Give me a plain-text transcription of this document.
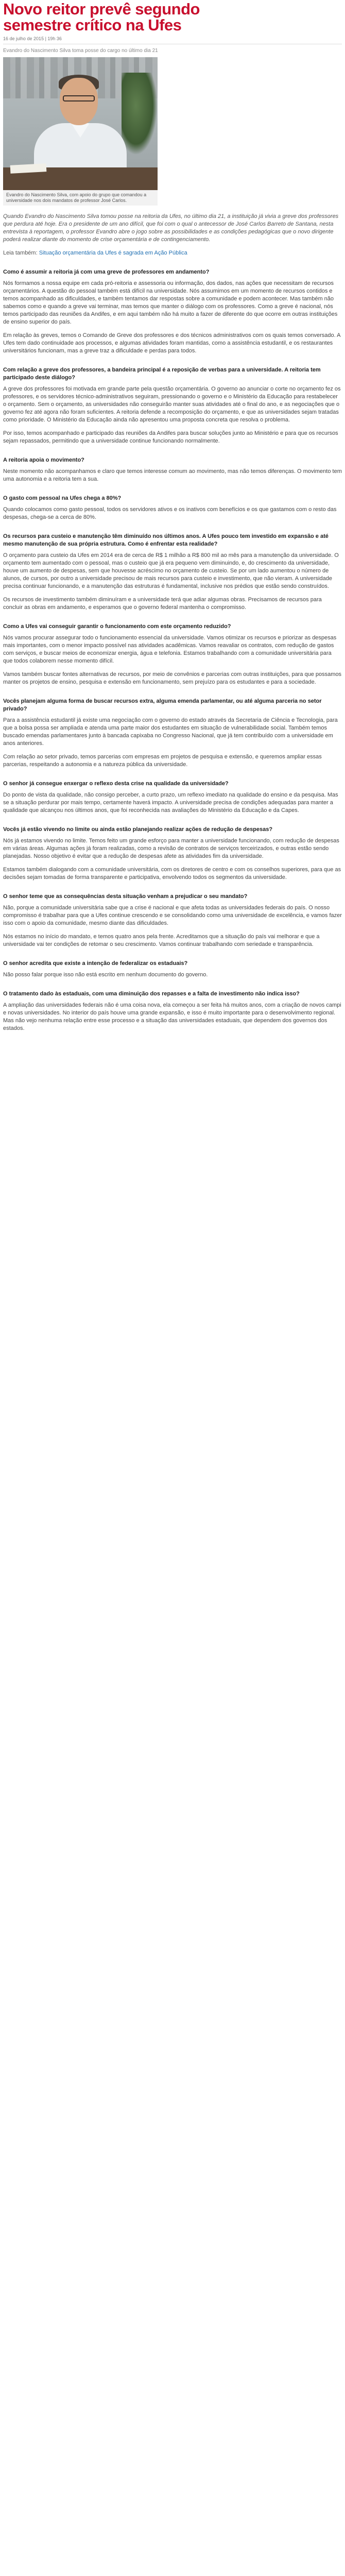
Novo reitor prevê segundo
semestre crítico na Ufes
16 de julho de 2015 | 19h 36
Evandro do Nascimento Silva toma posse do cargo no último dia 21
Evandro do Nascimento Silva, com apoio do grupo que comandou a universidade nos dois mandatos de professor José Carlos.

Quando Evandro do Nascimento Silva tomou posse na reitoria da Ufes, no último dia 21, a instituição já vivia a greve dos professores que perdura até hoje. Era o presidente de um ano difícil, que foi com o qual o antecessor de José Carlos Barreto de Santana, nesta entrevista à reportagem, o professor Evandro abre o jogo sobre as possibilidades e as condições pedagógicas que o novo dirigente poderá realizar diante do momento de crise orçamentária e de contingenciamento.

Leia também: Situação orçamentária da Ufes é sagrada em Ação Pública

Como é assumir a reitoria já com uma greve de professores em andamento?

Nós formamos a nossa equipe em cada pró-reitoria e assessoria ou informação, dos dados, nas ações que necessitam de recursos orçamentários. A questão do pessoal também está difícil na universidade. Nós assumimos em um momento de recursos contidos e temos acompanhado as dificuldades, e também tentamos dar respostas sobre a comunidade e podem acontecer. Mas também não sabemos como e quando a greve vai terminar, mas temos que manter o diálogo com os professores. Como a greve é nacional, nós temos participado das reuniões da Andifes, e em aqui também não há muito a fazer de diferente do que ocorre em outras instituições de ensino superior do país.

Em relação às greves, temos o Comando de Greve dos professores e dos técnicos administrativos com os quais temos conversado. A Ufes tem dado continuidade aos processos, e algumas atividades foram mantidas, como a assistência estudantil, e os restaurantes universitários funcionam, mas a greve traz a dificuldade e perdas para todos.

Com relação a greve dos professores, a bandeira principal é a reposição de verbas para a universidade. A reitoria tem participado deste diálogo?

A greve dos professores foi motivada em grande parte pela questão orçamentária. O governo ao anunciar o corte no orçamento fez os professores, e os servidores técnico-administrativos seguiram, pressionando o governo e o Ministério da Educação para restabelecer o orçamento. Sem o orçamento, as universidades não conseguirão manter suas atividades até o final do ano, e as negociações que o governo fez até agora não foram suficientes. A reitoria defende a recomposição do orçamento, e que as universidades sejam tratadas como prioridade. O Ministério da Educação ainda não apresentou uma proposta concreta que resolva o problema.

Por isso, temos acompanhado e participado das reuniões da Andifes para buscar soluções junto ao Ministério e para que os recursos sejam repassados, permitindo que a universidade continue funcionando normalmente.

A reitoria apoia o movimento?

Neste momento não acompanhamos e claro que temos interesse comum ao movimento, mas não temos diferenças. O movimento tem uma autonomia e a reitoria tem a sua.

O gasto com pessoal na Ufes chega a 80%?

Quando colocamos como gasto pessoal, todos os servidores ativos e os inativos com benefícios e os que gastamos com o resto das despesas, chega-se a cerca de 80%.

Os recursos para custeio e manutenção têm diminuído nos últimos anos. A Ufes pouco tem investido em expansão e até mesmo manutenção de sua própria estrutura. Como é enfrentar esta realidade?

O orçamento para custeio da Ufes em 2014 era de cerca de R$ 1 milhão a R$ 800 mil ao mês para a manutenção da universidade. O orçamento tem aumentado com o pessoal, mas o custeio que já era pequeno vem diminuindo, e, do crescimento da universidade, houve um aumento de despesas, sem que houvesse acréscimo no orçamento de custeio. Se por um lado aumentou o número de alunos, de cursos, por outro a universidade precisou de mais recursos para custeio e investimento, que não vieram. A universidade precisa continuar funcionando, e a manutenção das estruturas é fundamental, inclusive nos prédios que estão sendo construídos.

Os recursos de investimento também diminuíram e a universidade terá que adiar algumas obras. Precisamos de recursos para concluir as obras em andamento, e esperamos que o governo federal mantenha o compromisso.

Como a Ufes vai conseguir garantir o funcionamento com este orçamento reduzido?

Nós vamos procurar assegurar todo o funcionamento essencial da universidade. Vamos otimizar os recursos e priorizar as despesas mais importantes, com o menor impacto possível nas atividades acadêmicas. Vamos reavaliar os contratos, com redução de gastos com serviços, e buscar meios de economizar energia, água e telefonia. Estamos trabalhando com a comunidade universitária para que todos colaborem nesse momento difícil.

Vamos também buscar fontes alternativas de recursos, por meio de convênios e parcerias com outras instituições, para que possamos manter os projetos de ensino, pesquisa e extensão em funcionamento, sem prejuízo para os estudantes e para a sociedade.

Vocês planejam alguma forma de buscar recursos extra, alguma emenda parlamentar, ou até alguma parceria no setor privado?

Para a assistência estudantil já existe uma negociação com o governo do estado através da Secretaria de Ciência e Tecnologia, para que a bolsa possa ser ampliada e atenda uma parte maior dos estudantes em situação de vulnerabilidade social. Também temos buscado emendas parlamentares junto à bancada capixaba no Congresso Nacional, que já tem contribuído com a universidade em anos anteriores.

Com relação ao setor privado, temos parcerias com empresas em projetos de pesquisa e extensão, e queremos ampliar essas parcerias, respeitando a autonomia e a natureza pública da universidade.

O senhor já consegue enxergar o reflexo desta crise na qualidade da universidade?

Do ponto de vista da qualidade, não consigo perceber, a curto prazo, um reflexo imediato na qualidade do ensino e da pesquisa. Mas se a situação perdurar por mais tempo, certamente haverá impacto. A universidade precisa de condições adequadas para manter a qualidade que alcançou nos últimos anos, que foi reconhecida nas avaliações do Ministério da Educação e da Capes.

Vocês já estão vivendo no limite ou ainda estão planejando realizar ações de redução de despesas?

Nós já estamos vivendo no limite. Temos feito um grande esforço para manter a universidade funcionando, com redução de despesas em várias áreas. Algumas ações já foram realizadas, como a revisão de contratos de serviços terceirizados, e outras estão sendo planejadas. Nosso objetivo é evitar que a redução de despesas afete as atividades fim da universidade.

Estamos também dialogando com a comunidade universitária, com os diretores de centro e com os conselhos superiores, para que as decisões sejam tomadas de forma transparente e participativa, envolvendo todos os segmentos da universidade.

O senhor teme que as consequências desta situação venham a prejudicar o seu mandato?

Não, porque a comunidade universitária sabe que a crise é nacional e que afeta todas as universidades federais do país. O nosso compromisso é trabalhar para que a Ufes continue crescendo e se consolidando como uma universidade de excelência, e vamos fazer isso com o apoio da comunidade, mesmo diante das dificuldades.

Nós estamos no início do mandato, e temos quatro anos pela frente. Acreditamos que a situação do país vai melhorar e que a universidade vai ter condições de retomar o seu crescimento. Vamos continuar trabalhando com seriedade e transparência.

O senhor acredita que existe a intenção de federalizar os estaduais?

Não posso falar porque isso não está escrito em nenhum documento do governo.

O tratamento dado às estaduais, com uma diminuição dos repasses e a falta de investimento não indica isso?

A ampliação das universidades federais não é uma coisa nova, ela começou a ser feita há muitos anos, com a criação de novos campi e novas universidades. No interior do país houve uma grande expansão, e isso é muito importante para o desenvolvimento regional. Mas não vejo nenhuma relação entre esse processo e a situação das universidades estaduais, que dependem dos governos dos estados.
